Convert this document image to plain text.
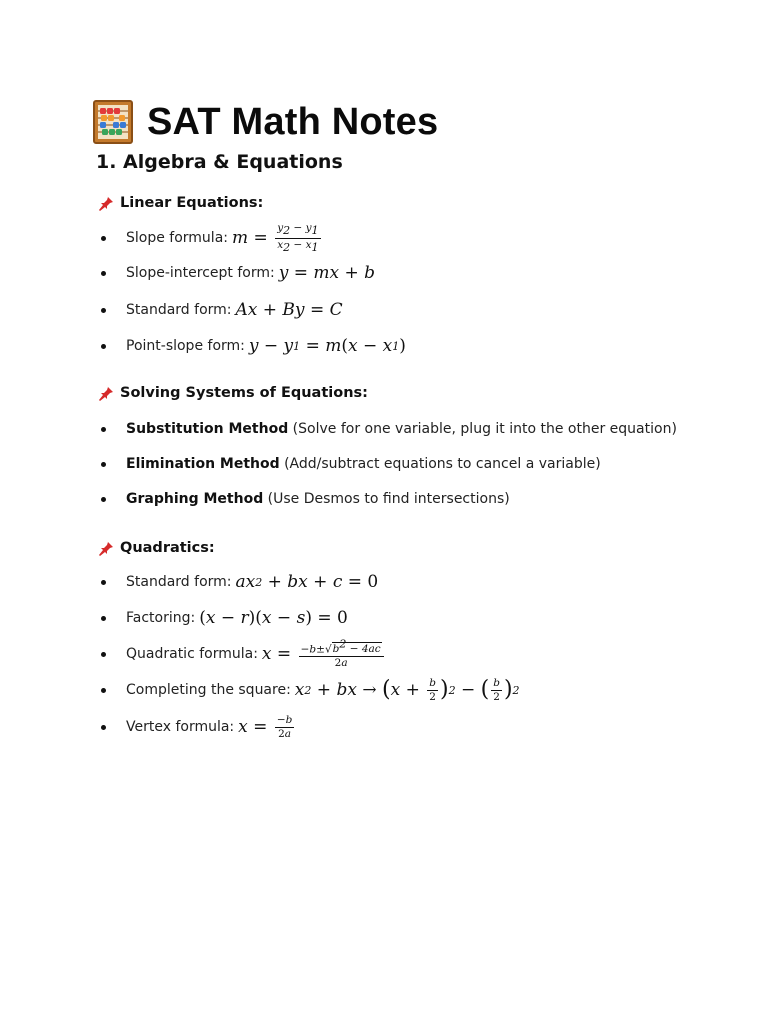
SAT Math Notes
1. Algebra & Equations
Linear Equations:
Slope formula: m =
$\frac{y_2 - y_1}{x_2 - x_1}$
Slope-intercept form: y = mx + b
Standard form: Ax + By = C
Point-slope form: y − y 1
= m ( x − x 1 )
Solving Systems of Equations:
Substitution Method (Solve for one variable, plug it into the other equation)
Elimination Method (Add/subtract equations to cancel a variable)
Graphing Method (Use Desmos to find intersections)
Quadratics:
Standard form: ax 2
+ bx + c =
0
Factoring: ( x − r )( x − s )
=
0
Quadratic formula: x =
$\frac{-b\pm√b^2 - 4ac}{2a}$
Completing the square: x 2
+ bx →
( x +
$\frac{b}{2}$ ) 2
−
( $\frac{b}{2}$ ) 2
Vertex formula: x =
$\frac{-b}{2a}$
